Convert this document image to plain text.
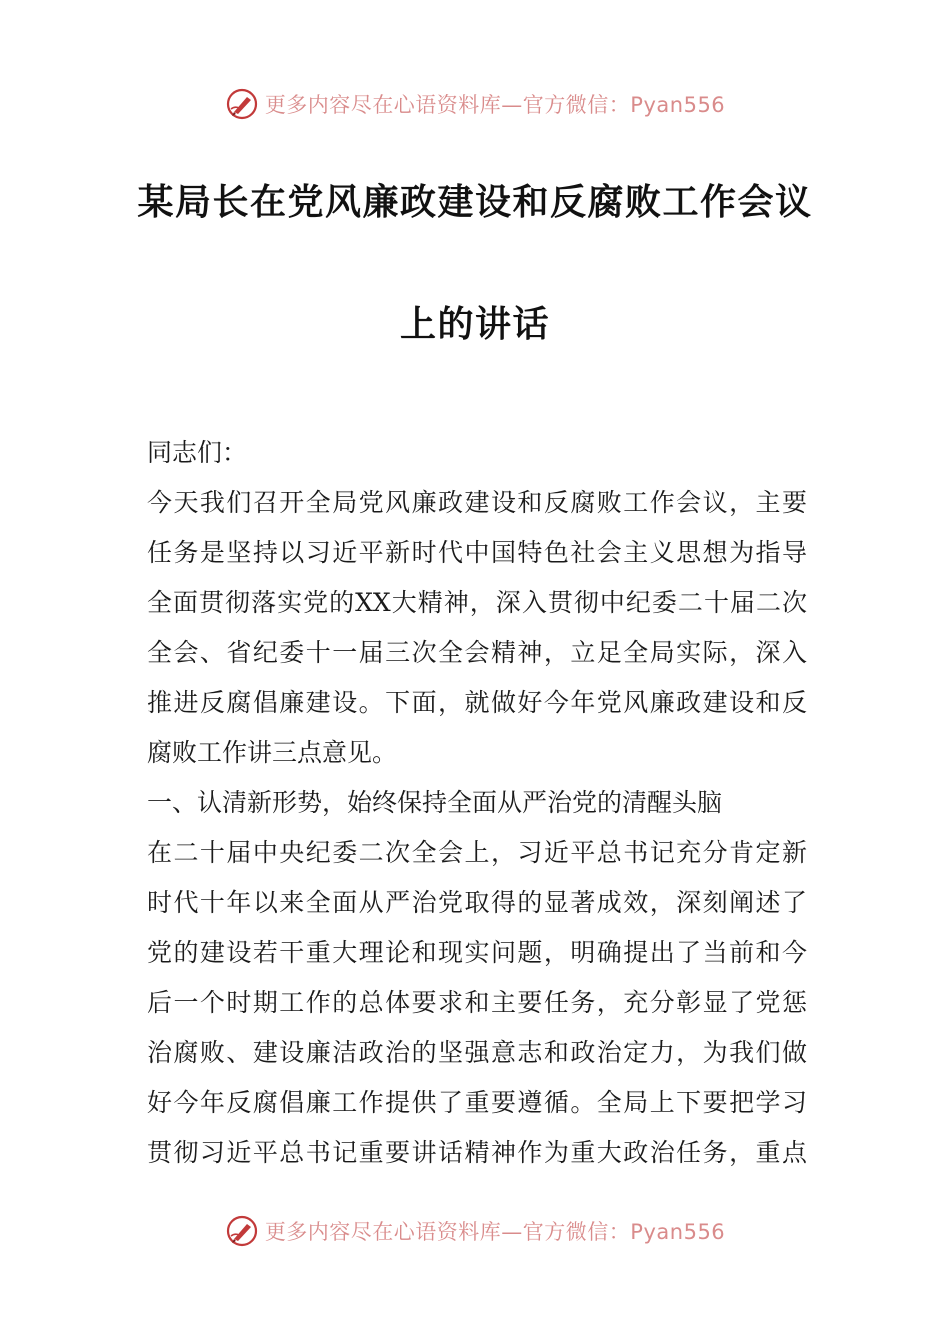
更多内容尽在心语资料库—官方微信：Pyan556
某局长在党风廉政建设和反腐败工作会议
上的讲话
同志们：
今天我们召开全局党风廉政建设和反腐败工作会议，主要
任务是坚持以习近平新时代中国特色社会主义思想为指导
全面贯彻落实党的XX大精神，深入贯彻中纪委二十届二次
全会、省纪委十一届三次全会精神，立足全局实际，深入
推进反腐倡廉建设。下面，就做好今年党风廉政建设和反
腐败工作讲三点意见。
一、认清新形势，始终保持全面从严治党的清醒头脑
在二十届中央纪委二次全会上，习近平总书记充分肯定新
时代十年以来全面从严治党取得的显著成效，深刻阐述了
党的建设若干重大理论和现实问题，明确提出了当前和今
后一个时期工作的总体要求和主要任务，充分彰显了党惩
治腐败、建设廉洁政治的坚强意志和政治定力，为我们做
好今年反腐倡廉工作提供了重要遵循。全局上下要把学习
贯彻习近平总书记重要讲话精神作为重大政治任务，重点
更多内容尽在心语资料库—官方微信：Pyan556
